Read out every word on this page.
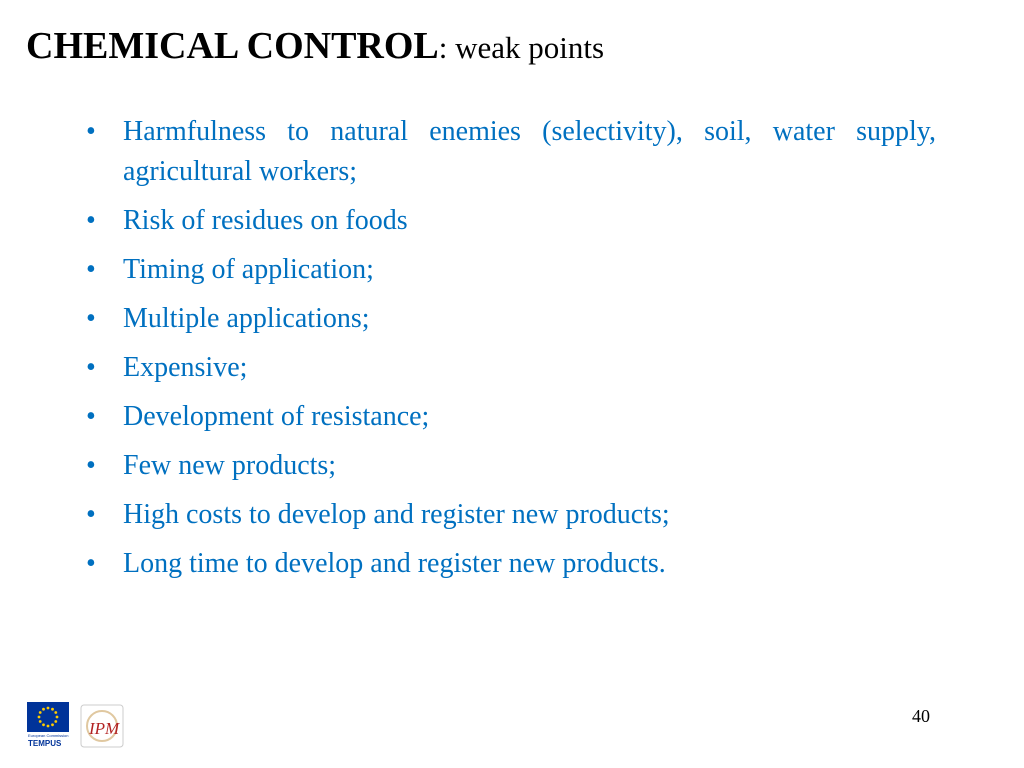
CHEMICAL CONTROL: weak points
• Harmfulness to natural enemies (selectivity), soil, water supply, agricultural workers;
• Risk of residues on foods
• Timing of application;
• Multiple applications;
• Expensive;
• Development of resistance;
• Few new products;
• High costs to develop and register new products;
• Long time to develop and register new products.
European Commission
TEMPUS
IPM
40
